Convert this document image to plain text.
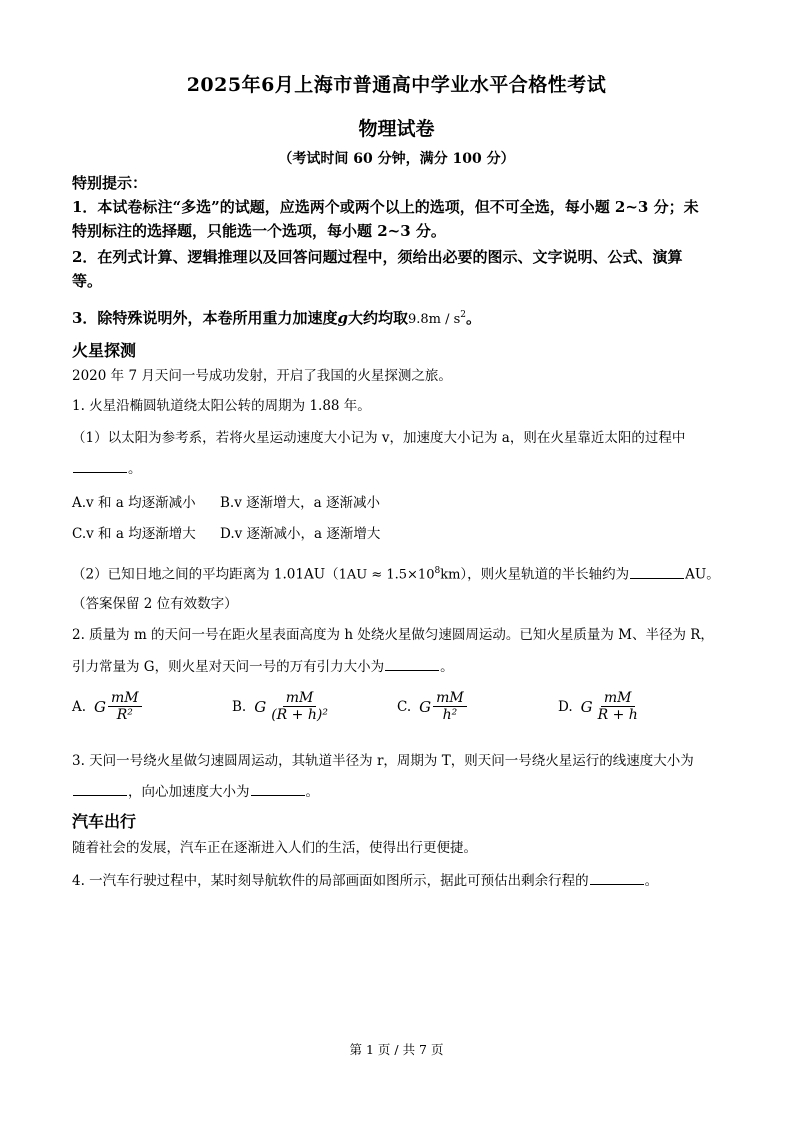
2025年6月上海市普通高中学业水平合格性考试
物理试卷
（考试时间 60 分钟，满分 100 分）
特别提示：
1．本试卷标注“多选”的试题，应选两个或两个以上的选项，但不可全选，每小题 2~3 分；未
特别标注的选择题，只能选一个选项，每小题 2~3 分。
2．在列式计算、逻辑推理以及回答问题过程中，须给出必要的图示、文字说明、公式、演算
等。
3．除特殊说明外，本卷所用重力加速度g大约均取$9.8m / s^2$。
火星探测
2020 年 7 月天问一号成功发射，开启了我国的火星探测之旅。
1. 火星沿椭圆轨道绕太阳公转的周期为 1.88 年。
（1）以太阳为参考系，若将火星运动速度大小记为 v，加速度大小记为 a，则在火星靠近太阳的过程中
。
A.v 和 a 均逐渐减小 B.v 逐渐增大，a 逐渐减小
C.v 和 a 均逐渐增大 D.v 逐渐减小，a 逐渐增大
（2）已知日地之间的平均距离为 $1.01AU(1AU \approx 1.5\times 10^8km)$，则火星轨道的半长轴约为	AU。
（答案保留 2 位有效数字）
2. 质量为 m 的天问一号在距火星表面高度为 h 处绕火星做匀速圆周运动。已知火星质量为 M、半径为 R，
引力常量为 G，则火星对天问一号的万有引力大小为	。
A. G $\frac{mM}{\text{R²}}$	B. G $\frac{mM}{\text{(R + h)²}}$	C. G $\frac{mM}{\text{h²}}$	D. G $\frac{mM}{R + h}$
3. 天问一号绕火星做匀速圆周运动，其轨道半径为 r，周期为 T，则天问一号绕火星运行的线速度大小为
，向心加速度大小为	。
汽车出行
随着社会的发展，汽车正在逐渐进入人们的生活，使得出行更便捷。
4. 一汽车行驶过程中，某时刻导航软件的局部画面如图所示，据此可预估出剩余行程的	。
第 1 页 / 共 7 页
